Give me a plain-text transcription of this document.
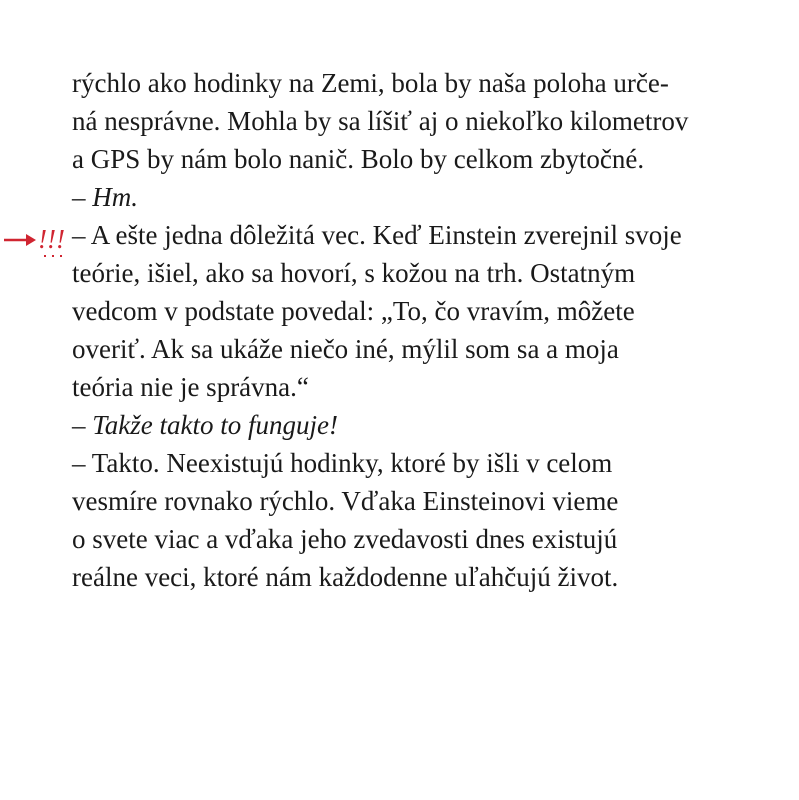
!!!
rýchlo ako hodinky na Zemi, bola by naša poloha urče-
ná nesprávne. Mohla by sa líšiť aj o niekoľko kilometrov
a GPS by nám bolo nanič. Bolo by celkom zbytočné.
– Hm.
– A ešte jedna dôležitá vec. Keď Einstein zverejnil svoje
teórie, išiel, ako sa hovorí, s kožou na trh. Ostatným
vedcom v podstate povedal: „To, čo vravím, môžete
overiť. Ak sa ukáže niečo iné, mýlil som sa a moja
teória nie je správna.“
– Takže takto to funguje!
– Takto. Neexistujú hodinky, ktoré by išli v celom
vesmíre rovnako rýchlo. Vďaka Einsteinovi vieme
o svete viac a vďaka jeho zvedavosti dnes existujú
reálne veci, ktoré nám každodenne uľahčujú život.
